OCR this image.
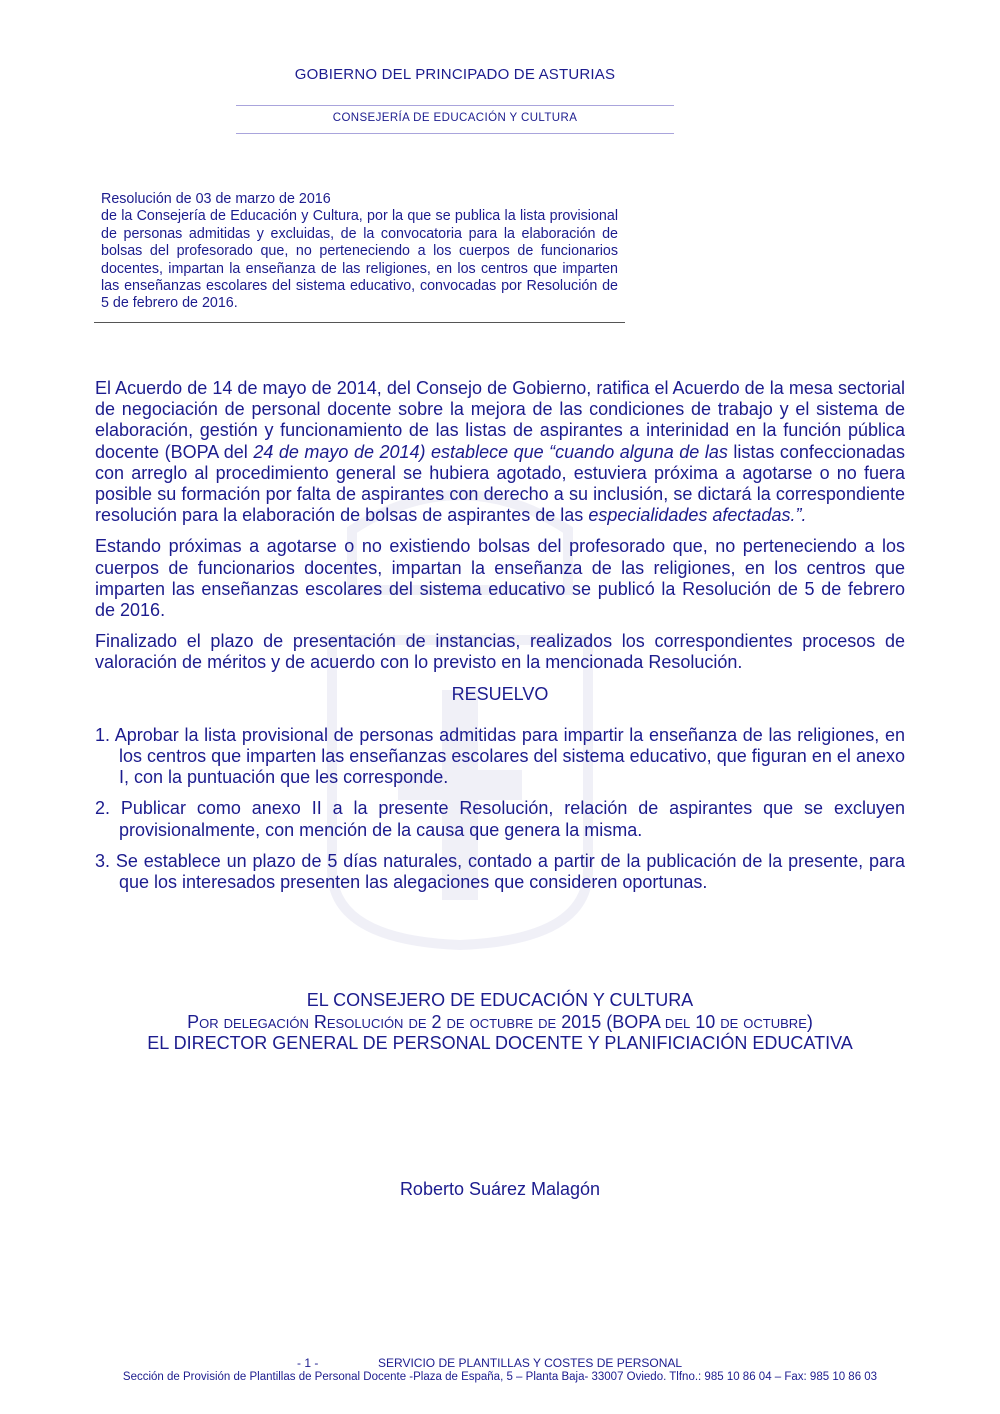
GOBIERNO DEL PRINCIPADO DE ASTURIAS
CONSEJERÍA DE EDUCACIÓN Y CULTURA
Resolución de 03 de marzo de 2016
de la Consejería de Educación y Cultura, por la que se publica la lista provisional de personas admitidas y excluidas, de la convocatoria para la elaboración de bolsas del profesorado que, no perteneciendo a los cuerpos de funcionarios docentes, impartan la enseñanza de las religiones, en los centros que imparten las enseñanzas escolares del sistema educativo, convocadas por Resolución de 5 de febrero de 2016.

El Acuerdo de 14 de mayo de 2014, del Consejo de Gobierno, ratifica el Acuerdo de la mesa sectorial de negociación de personal docente sobre la mejora de las condiciones de trabajo y el sistema de elaboración, gestión y funcionamiento de las listas de aspirantes a interinidad en la función pública docente (BOPA del 24 de mayo de 2014) establece que “cuando alguna de las listas confeccionadas con arreglo al procedimiento general se hubiera agotado, estuviera próxima a agotarse o no fuera posible su formación por falta de aspirantes con derecho a su inclusión, se dictará la correspondiente resolución para la elaboración de bolsas de aspirantes de las especialidades afectadas.”.

Estando próximas a agotarse o no existiendo bolsas del profesorado que, no perteneciendo a los cuerpos de funcionarios docentes, impartan la enseñanza de las religiones, en los centros que imparten las enseñanzas escolares del sistema educativo se publicó la Resolución de 5 de febrero de 2016.

Finalizado el plazo de presentación de instancias, realizados los correspondientes procesos de valoración de méritos y de acuerdo con lo previsto en la mencionada Resolución.

RESUELVO

1. Aprobar la lista provisional de personas admitidas para impartir la enseñanza de las religiones, en los centros que imparten las enseñanzas escolares del sistema educativo, que figuran en el anexo I, con la puntuación que les corresponde.

2. Publicar como anexo II a la presente Resolución, relación de aspirantes que se excluyen provisionalmente, con mención de la causa que genera la misma.

3. Se establece un plazo de 5 días naturales, contado a partir de la publicación de la presente, para que los interesados presenten las alegaciones que consideren oportunas.

EL CONSEJERO DE EDUCACIÓN Y CULTURA
Por delegación Resolución de 2 de octubre de 2015 (BOPA del 10 de octubre)
EL DIRECTOR GENERAL DE PERSONAL DOCENTE Y PLANIFICIACIÓN EDUCATIVA
Roberto Suárez Malagón
- 1 -	SERVICIO DE PLANTILLAS Y COSTES DE PERSONAL
Sección de Provisión de Plantillas de Personal Docente -Plaza de España, 5 – Planta Baja- 33007 Oviedo. Tlfno.: 985 10 86 04 – Fax: 985 10 86 03
